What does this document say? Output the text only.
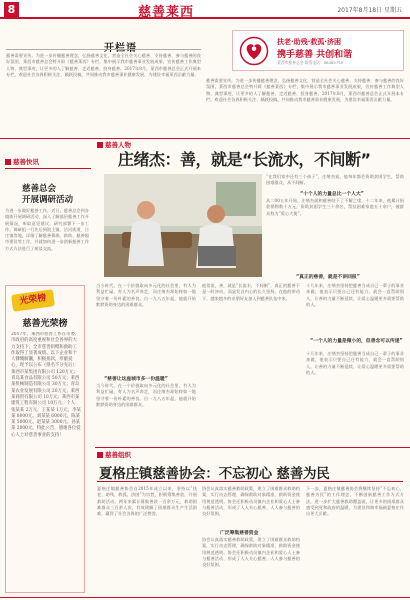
8	慈善莱西	2017年8月18日 星期五
开栏语
慈善需要宣传。为进一步传播慈善理念，弘扬慈善文化，营造全社会关心慈善、支持慈善、参与慈善的良好氛围，莱西市慈善总会特开辟《慈善莱西》专栏，集中展示我市慈善事业发展成果，宣传慈善工作典型人物、典型事迹，让更多的人了解慈善、走近慈善、投身慈善。2017年8月，莱西市慈善总会正式开展本专栏，欢迎社会各界积极关注、踊跃投稿，共同推动我市慈善事业健康发展，为建设幸福莱西贡献力量。
扶老·助残·救孤·济困
携手慈善 共创和谐
莱西市慈善总会 联系电话：88485755
慈善需要宣传。为进一步传播慈善理念，弘扬慈善文化，营造全社会关心慈善、支持慈善、参与慈善的良好氛围，莱西市慈善总会特开辟《慈善莱西》专栏，集中展示我市慈善事业发展成果，宣传慈善工作典型人物、典型事迹，让更多的人了解慈善、走近慈善、投身慈善。2017年8月，莱西市慈善总会正式开展本专栏，欢迎社会各界积极关注、踊跃投稿，共同推动我市慈善事业健康发展，为建设幸福莱西贡献力量。
慈善快讯
慈善总会
开展调研活动
为进一步做好慈善工作，近日，慈善总会到各镇街开展调研活动，深入了解基层慈善工作开展情况，听取意见建议，研究部署下一步工作。调研组一行先后到院上镇、沽河街道、日庄镇等地，详细了解慈善募捐、救助、慈善超市建设等工作，并就如何进一步创新慈善工作方式方法进行了座谈交流。
光荣榜
慈善光荣榜
2017年，莱西市慈善工作在市委、市政府的高度重视和社会各界的大力支持下，全市慈善捐赠和救助工作取得了显著成绩。以下企业和个人慷慨解囊，积极捐款，奉献爱心，现予以公布（排名不分先后）：莱西市某集团有限公司 120万元；青岛某食品有限公司 50万元；莱西某机械制造有限公司 30万元；青岛某农业发展有限公司 20万元；莱西某商贸有限公司 10万元；莱西市某建筑工程有限公司 10万元；个人：张某某 2万元、王某某 1万元、李某某 8000元、刘某某 6000元、陈某某 5000元、赵某某 3000元、孙某某 2000元。特此公告，感谢各位爱心人士对慈善事业的支持！
慈善人物
庄绪杰：善，就是“长流水，不间断”
“在我们家中还有三个孩子”，庄绪杰说，他每年都会资助贫困学生，帮助困难群众，从不间断。
“十个人的力量总比一个人大”
从二00五年开始，庄绪杰就和慈善结下了不解之缘。十二年来，他累计捐款捐物数十万元，资助贫困学生三十余名，帮扶困难家庭五十余户，被群众称为“爱心大使”。
“真正的慈善，就是不讲回报”
当今时代，在一个价值取向多元化的社会里，有人为利益忙碌，有人为名声奔走，而庄绪杰却始终如一地坚守着一份朴素的善良。自一九八五年起，他就开始默默资助身边的困难群众。
“慈善让这座城市多一份温暖”
当今时代，在一个价值取向多元化的社会里，有人为利益忙碌，有人为名声奔走，而庄绪杰却始终如一地坚守着一份朴素的善良。自一九八五年起，他就开始默默资助身边的困难群众。
他常说，善，就是“长流水，不间断”，真正的慈善不是一时冲动，而是发自内心的长久坚持。在他的带动下，越来越多的亲朋好友加入到慈善队伍中来。
十几年来，庄绪杰坚持把慈善当成自己一辈子的事业来做，他表示只要自己还有能力，就会一直帮助别人，让善的力量不断延续，让爱心温暖更多需要帮助的人。
“一个人的力量是微小的，但善念可以传递”
十几年来，庄绪杰坚持把慈善当成自己一辈子的事业来做，他表示只要自己还有能力，就会一直帮助别人，让善的力量不断延续，让爱心温暖更多需要帮助的人。
慈善组织
夏格庄镇慈善协会：不忘初心 慈善为民
夏格庄镇慈善协会自2015年成立以来，坚持以“扶老、助残、救孤、济困”为宗旨，积极筹集善款，开展救助活动。两年来累计募集善款一百余万元，救助困难群众三百余人次，有效缓解了困难群众生产生活困难，赢得了社会各界的广泛赞誉。
协会认真落实慈善救助政策，建立了困难群众救助档案，实行动态管理，确保救助对象精准、救助资金使用规范透明。协会还积极动员镇内企业和爱心人士参与慈善活动，形成了人人关心慈善、人人参与慈善的良好氛围。
广泛筹集慈善资金
协会认真落实慈善救助政策，建立了困难群众救助档案，实行动态管理，确保救助对象精准、救助资金使用规范透明。协会还积极动员镇内企业和爱心人士参与慈善活动，形成了人人关心慈善、人人参与慈善的良好氛围。
下一步，夏格庄镇慈善协会将继续坚持“不忘初心，慈善为民”的工作理念，不断创新慈善工作方式方法，进一步扩大慈善救助覆盖面，让更多的困难群众感受到党和政府的温暖，为建设和谐幸福新夏格庄作出更大贡献。
